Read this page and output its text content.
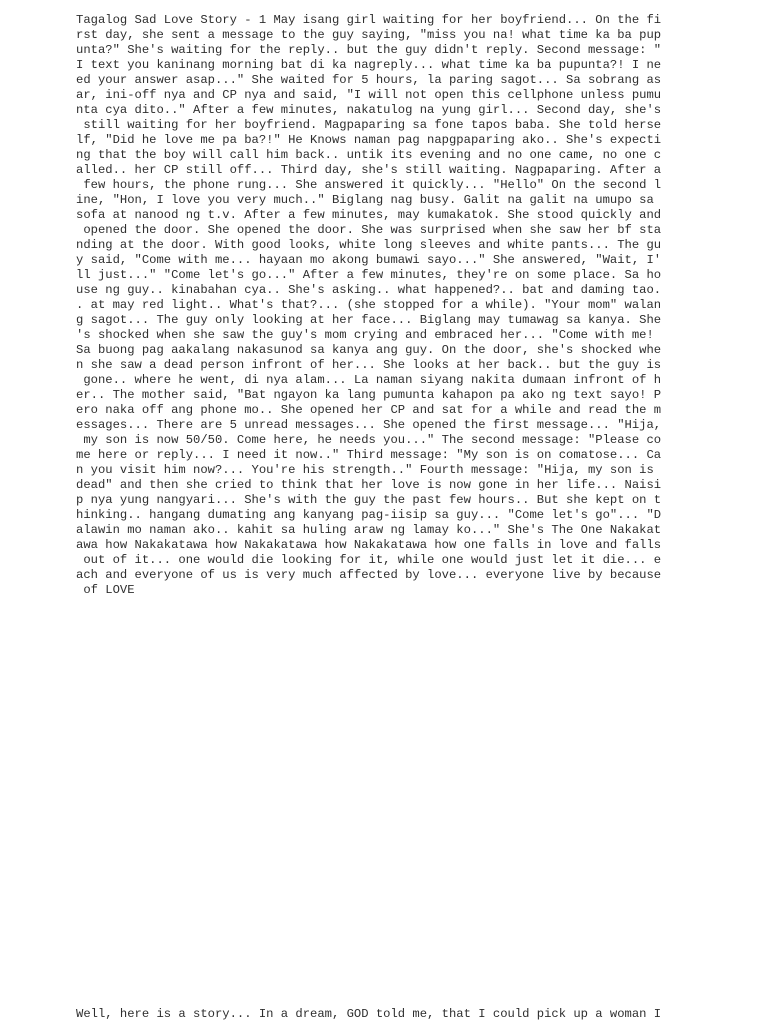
Tagalog Sad Love Story - 1 May isang girl waiting for her boyfriend... On the fi
rst day, she sent a message to the guy saying, "miss you na! what time ka ba pup
unta?" She's waiting for the reply.. but the guy didn't reply. Second message: "
I text you kaninang morning bat di ka nagreply... what time ka ba pupunta?! I ne
ed your answer asap..." She waited for 5 hours, la paring sagot... Sa sobrang as
ar, ini-off nya and CP nya and said, "I will not open this cellphone unless pumu
nta cya dito.." After a few minutes, nakatulog na yung girl... Second day, she's
still waiting for her boyfriend. Magpaparing sa fone tapos baba. She told herse
lf, "Did he love me pa ba?!" He Knows naman pag napgpaparing ako.. She's expecti
ng that the boy will call him back.. untik its evening and no one came, no one c
alled.. her CP still off... Third day, she's still waiting. Nagpaparing. After a
few hours, the phone rung... She answered it quickly... "Hello" On the second l
ine, "Hon, I love you very much.." Biglang nag busy. Galit na galit na umupo sa
sofa at nanood ng t.v. After a few minutes, may kumakatok. She stood quickly and
opened the door. She opened the door. She was surprised when she saw her bf sta
nding at the door. With good looks, white long sleeves and white pants... The gu
y said, "Come with me... hayaan mo akong bumawi sayo..." She answered, "Wait, I'
ll just..." "Come let's go..." After a few minutes, they're on some place. Sa ho
use ng guy.. kinabahan cya.. She's asking.. what happened?.. bat and daming tao.
. at may red light.. What's that?... (she stopped for a while). "Your mom" walan
g sagot... The guy only looking at her face... Biglang may tumawag sa kanya. She
's shocked when she saw the guy's mom crying and embraced her... "Come with me!
Sa buong pag aakalang nakasunod sa kanya ang guy. On the door, she's shocked whe
n she saw a dead person infront of her... She looks at her back.. but the guy is
gone.. where he went, di nya alam... La naman siyang nakita dumaan infront of h
er.. The mother said, "Bat ngayon ka lang pumunta kahapon pa ako ng text sayo! P
ero naka off ang phone mo.. She opened her CP and sat for a while and read the m
essages... There are 5 unread messages... She opened the first message... "Hija,
my son is now 50/50. Come here, he needs you..." The second message: "Please co
me here or reply... I need it now.." Third message: "My son is on comatose... Ca
n you visit him now?... You're his strength.." Fourth message: "Hija, my son is
dead" and then she cried to think that her love is now gone in her life... Naisi
p nya yung nangyari... She's with the guy the past few hours.. But she kept on t
hinking.. hangang dumating ang kanyang pag-iisip sa guy... "Come let's go"... "D
alawin mo naman ako.. kahit sa huling araw ng lamay ko..." She's The One Nakakat
awa how Nakakatawa how Nakakatawa how Nakakatawa how one falls in love and falls
out of it... one would die looking for it, while one would just let it die... e
ach and everyone of us is very much affected by love... everyone live by because
of LOVE
Well, here is a story... In a dream, GOD told me, that I could pick up a woman I
